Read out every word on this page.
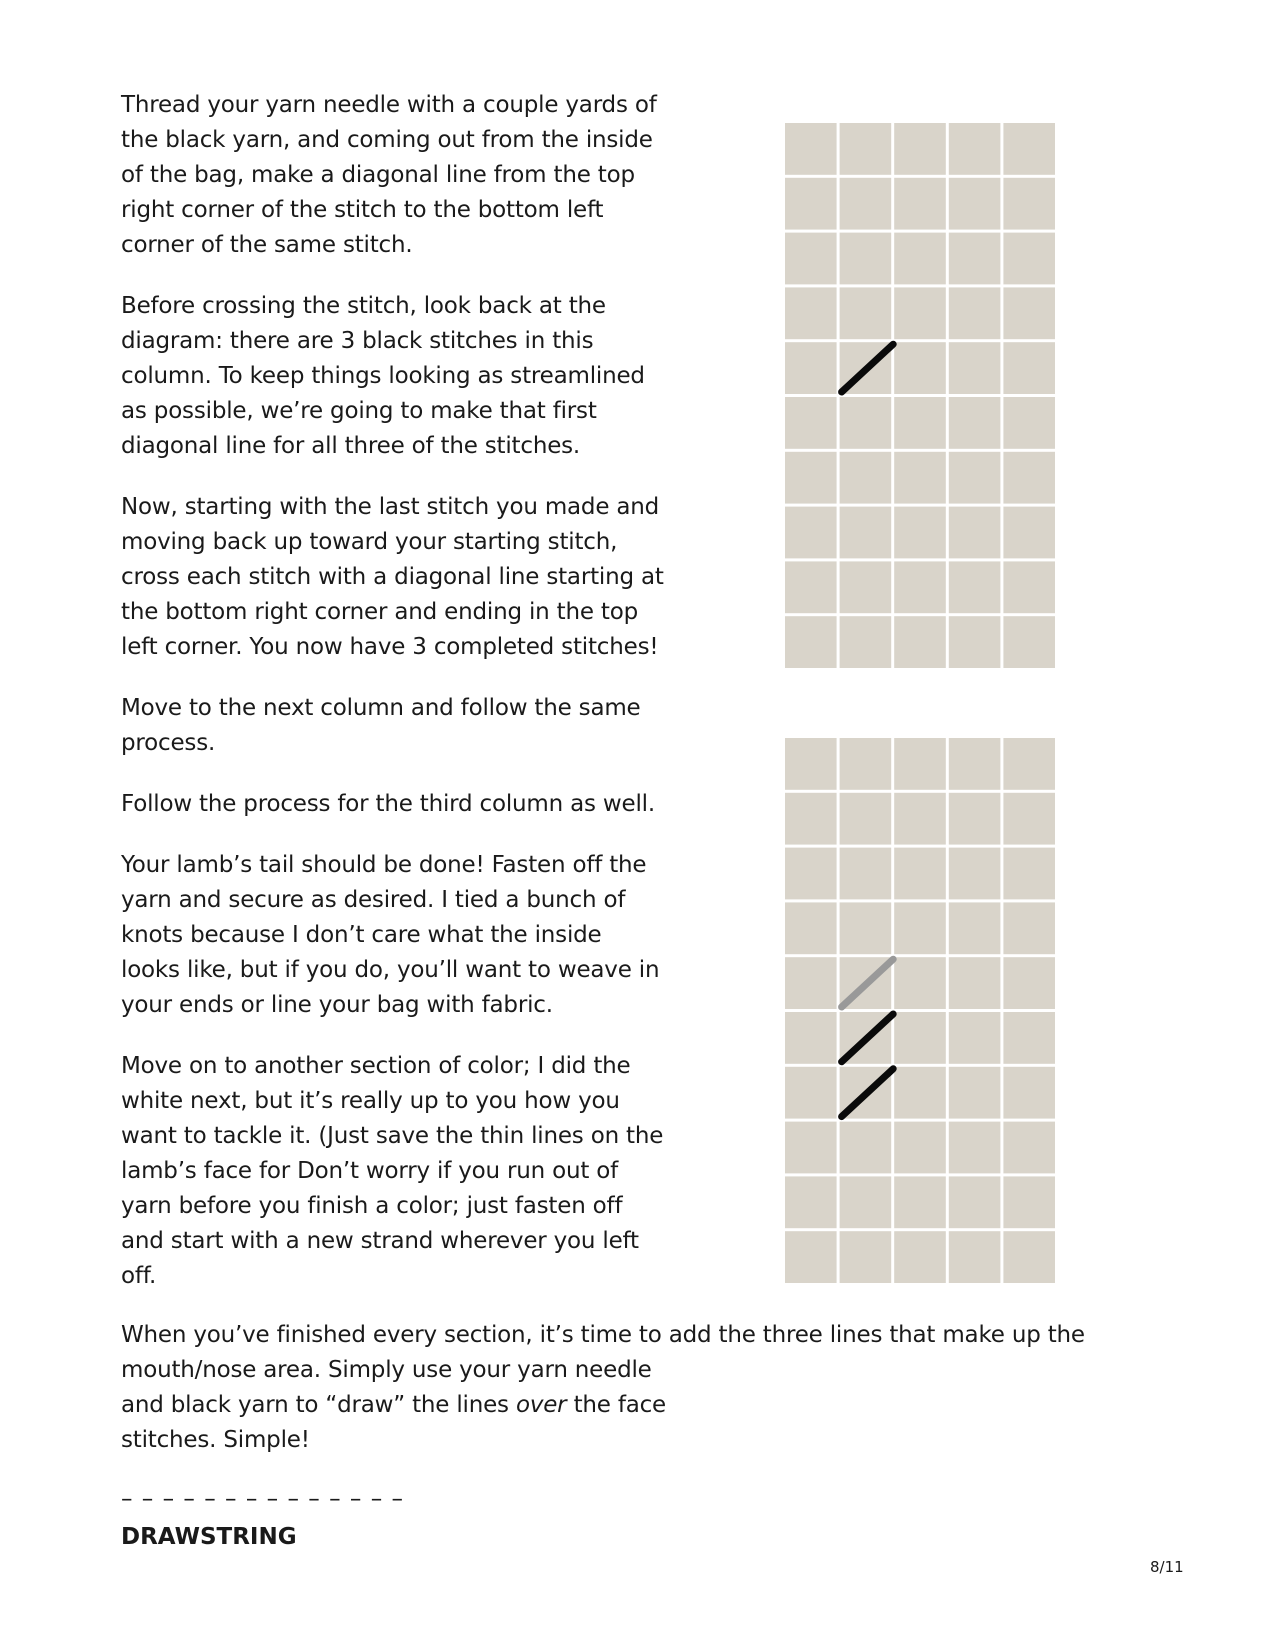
Thread your yarn needle with a couple yards of the black yarn, and coming out from the inside of the bag, make a diagonal line from the top right corner of the stitch to the bottom left corner of the same stitch.

Before crossing the stitch, look back at the diagram: there are 3 black stitches in this column. To keep things looking as streamlined as possible, we’re going to make that first diagonal line for all three of the stitches.

Now, starting with the last stitch you made and moving back up toward your starting stitch, cross each stitch with a diagonal line starting at the bottom right corner and ending in the top left corner. You now have 3 completed stitches!

Move to the next column and follow the same process.

Follow the process for the third column as well.

Your lamb’s tail should be done! Fasten off the yarn and secure as desired. I tied a bunch of knots because I don’t care what the inside looks like, but if you do, you’ll want to weave in your ends or line your bag with fabric.

Move on to another section of color; I did the white next, but it’s really up to you how you want to tackle it. (Just save the thin lines on the lamb’s face for Don’t worry if you run out of yarn before you finish a color; just fasten off and start with a new strand wherever you left off.

When you’ve finished every section, it’s time to add the three lines that make up the
mouth/nose area. Simply use your yarn needle
and black yarn to “draw” the lines over the face
stitches. Simple!

– – – – – – – – – – – – – –
DRAWSTRING
8/11
